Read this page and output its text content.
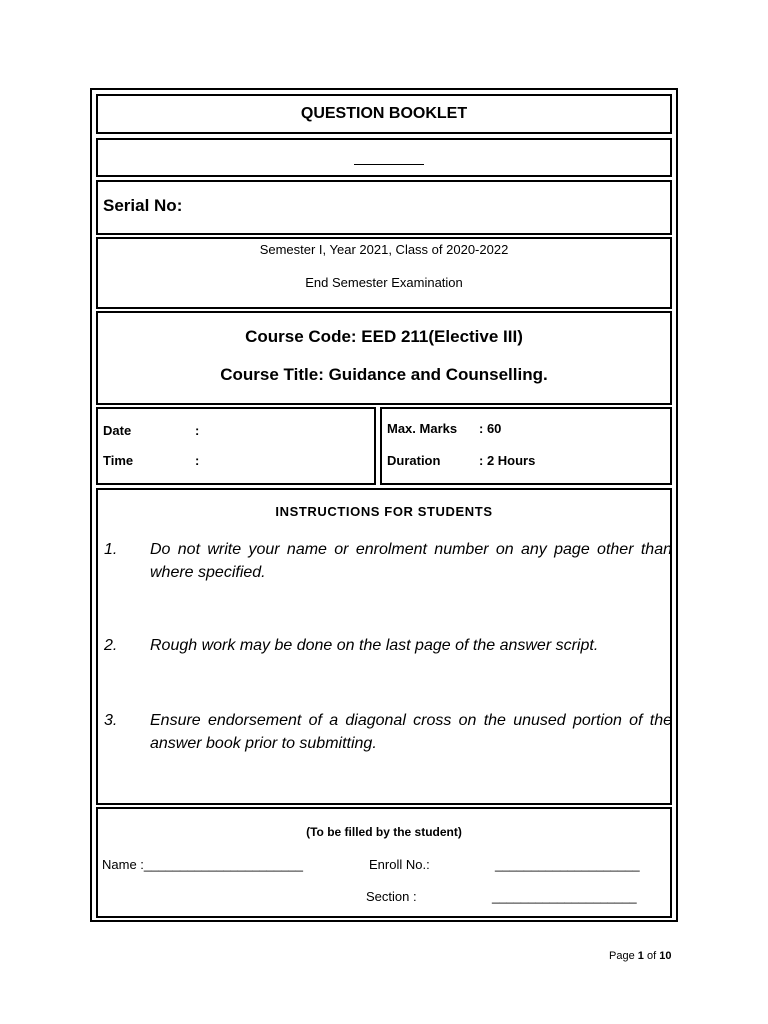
QUESTION BOOKLET
Serial No:
Semester I, Year 2021, Class of 2020-2022
End Semester Examination
Course Code: EED 211(Elective III)
Course Title: Guidance and Counselling.
Date	:
Time	:
Max. Marks : 60
Duration	: 2 Hours
INSTRUCTIONS FOR STUDENTS
1. Do not write your name or enrolment number on any page other than where specified.
2. Rough work may be done on the last page of the answer script.
3. Ensure endorsement of a diagonal cross on the unused portion of the answer book prior to submitting.
(To be filled by the student)
Name :______________________	Enroll No.:	____________________
Section :	____________________
Page 1 of 10
